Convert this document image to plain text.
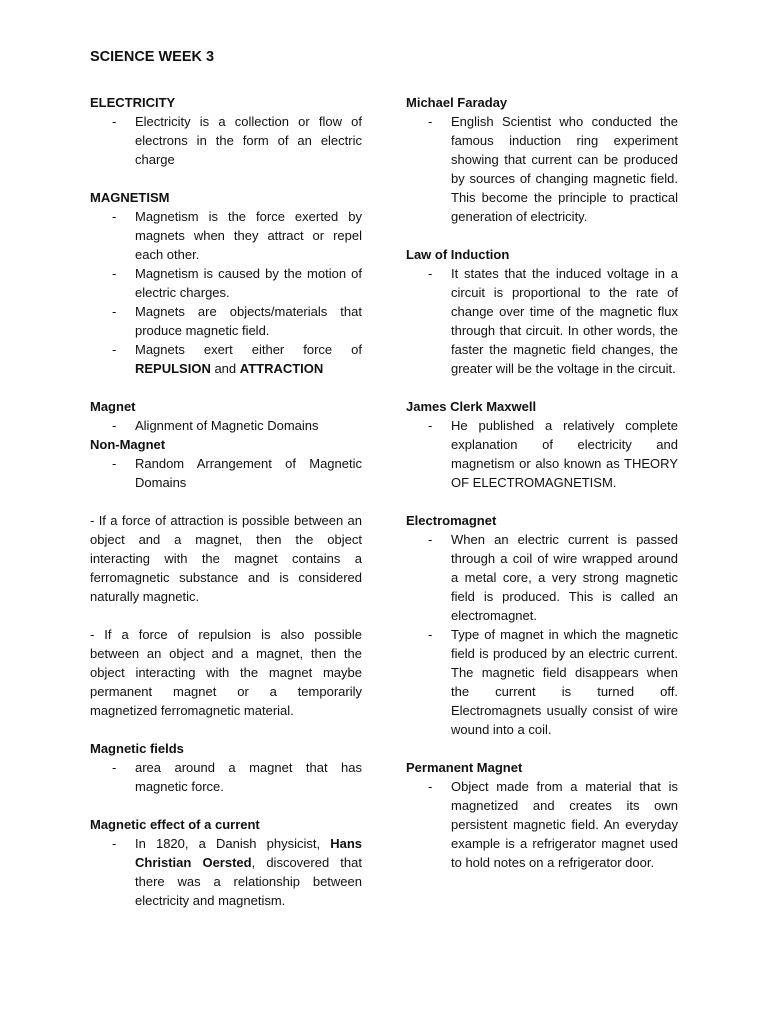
SCIENCE WEEK 3
ELECTRICITY
- Electricity is a collection or flow of electrons in the form of an electric charge
MAGNETISM
- Magnetism is the force exerted by magnets when they attract or repel each other.
- Magnetism is caused by the motion of electric charges.
- Magnets are objects/materials that produce magnetic field.
- Magnets exert either force of REPULSION and ATTRACTION
Magnet
- Alignment of Magnetic Domains
Non-Magnet
- Random Arrangement of Magnetic Domains

- If a force of attraction is possible between an object and a magnet, then the object interacting with the magnet contains a ferromagnetic substance and is considered naturally magnetic.

- If a force of repulsion is also possible between an object and a magnet, then the object interacting with the magnet maybe permanent magnet or a temporarily magnetized ferromagnetic material.

Magnetic fields
- area around a magnet that has magnetic force.
Magnetic effect of a current
- In 1820, a Danish physicist, Hans Christian Oersted, discovered that there was a relationship between electricity and magnetism.
Michael Faraday
- English Scientist who conducted the famous induction ring experiment showing that current can be produced by sources of changing magnetic field. This become the principle to practical generation of electricity.
Law of Induction
- It states that the induced voltage in a circuit is proportional to the rate of change over time of the magnetic flux through that circuit. In other words, the faster the magnetic field changes, the greater will be the voltage in the circuit.
James Clerk Maxwell
- He published a relatively complete explanation of electricity and magnetism or also known as THEORY OF ELECTROMAGNETISM.
Electromagnet
- When an electric current is passed through a coil of wire wrapped around a metal core, a very strong magnetic field is produced. This is called an electromagnet.
- Type of magnet in which the magnetic field is produced by an electric current. The magnetic field disappears when the current is turned off. Electromagnets usually consist of wire wound into a coil.
Permanent Magnet
- Object made from a material that is magnetized and creates its own persistent magnetic field. An everyday example is a refrigerator magnet used to hold notes on a refrigerator door.
